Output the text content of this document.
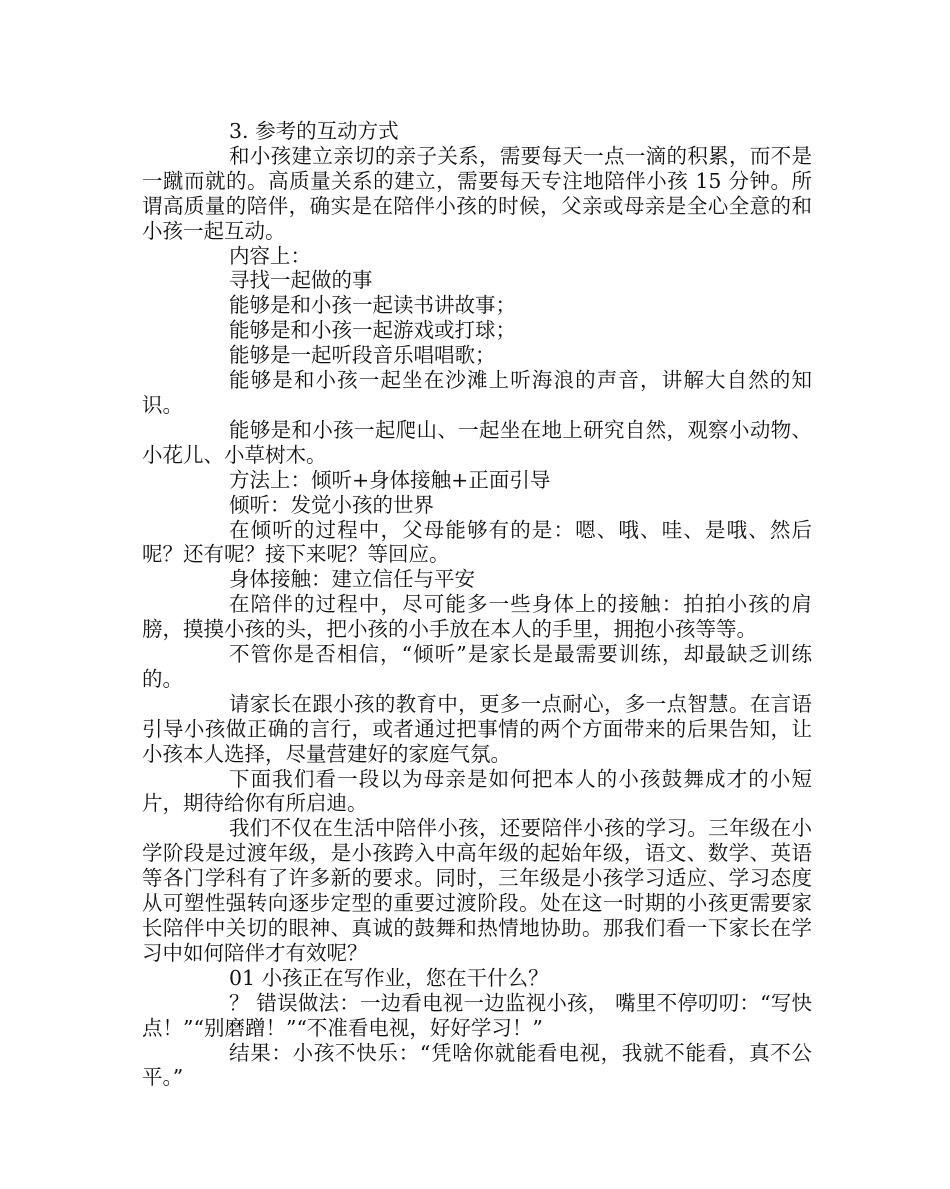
3. 参考的互动方式

和小孩建立亲切的亲子关系，需要每天一点一滴的积累，而不是一蹴而就的。高质量关系的建立，需要每天专注地陪伴小孩 15 分钟。所谓高质量的陪伴，确实是在陪伴小孩的时候，父亲或母亲是全心全意的和小孩一起互动。

内容上：

寻找一起做的事

能够是和小孩一起读书讲故事；

能够是和小孩一起游戏或打球；

能够是一起听段音乐唱唱歌；

能够是和小孩一起坐在沙滩上听海浪的声音，讲解大自然的知识。

能够是和小孩一起爬山、一起坐在地上研究自然，观察小动物、小花儿、小草树木。

方法上：倾听+身体接触+正面引导

倾听：发觉小孩的世界

在倾听的过程中，父母能够有的是：嗯、哦、哇、是哦、然后呢？还有呢？接下来呢？等回应。

身体接触：建立信任与平安

在陪伴的过程中，尽可能多一些身体上的接触：拍拍小孩的肩膀，摸摸小孩的头，把小孩的小手放在本人的手里，拥抱小孩等等。

不管你是否相信，“倾听”是家长是最需要训练，却最缺乏训练的。

请家长在跟小孩的教育中，更多一点耐心，多一点智慧。在言语引导小孩做正确的言行，或者通过把事情的两个方面带来的后果告知，让小孩本人选择，尽量营建好的家庭气氛。

下面我们看一段以为母亲是如何把本人的小孩鼓舞成才的小短片，期待给你有所启迪。

我们不仅在生活中陪伴小孩，还要陪伴小孩的学习。三年级在小学阶段是过渡年级，是小孩跨入中高年级的起始年级，语文、数学、英语等各门学科有了许多新的要求。同时，三年级是小孩学习适应、学习态度从可塑性强转向逐步定型的重要过渡阶段。处在这一时期的小孩更需要家长陪伴中关切的眼神、真诚的鼓舞和热情地协助。那我们看一下家长在学习中如何陪伴才有效呢？

01 小孩正在写作业，您在干什么？

？ 错误做法：一边看电视一边监视小孩， 嘴里不停叨叨：“写快点！”“别磨蹭！”“不准看电视，好好学习！”

结果：小孩不快乐：“凭啥你就能看电视，我就不能看，真不公平。”
